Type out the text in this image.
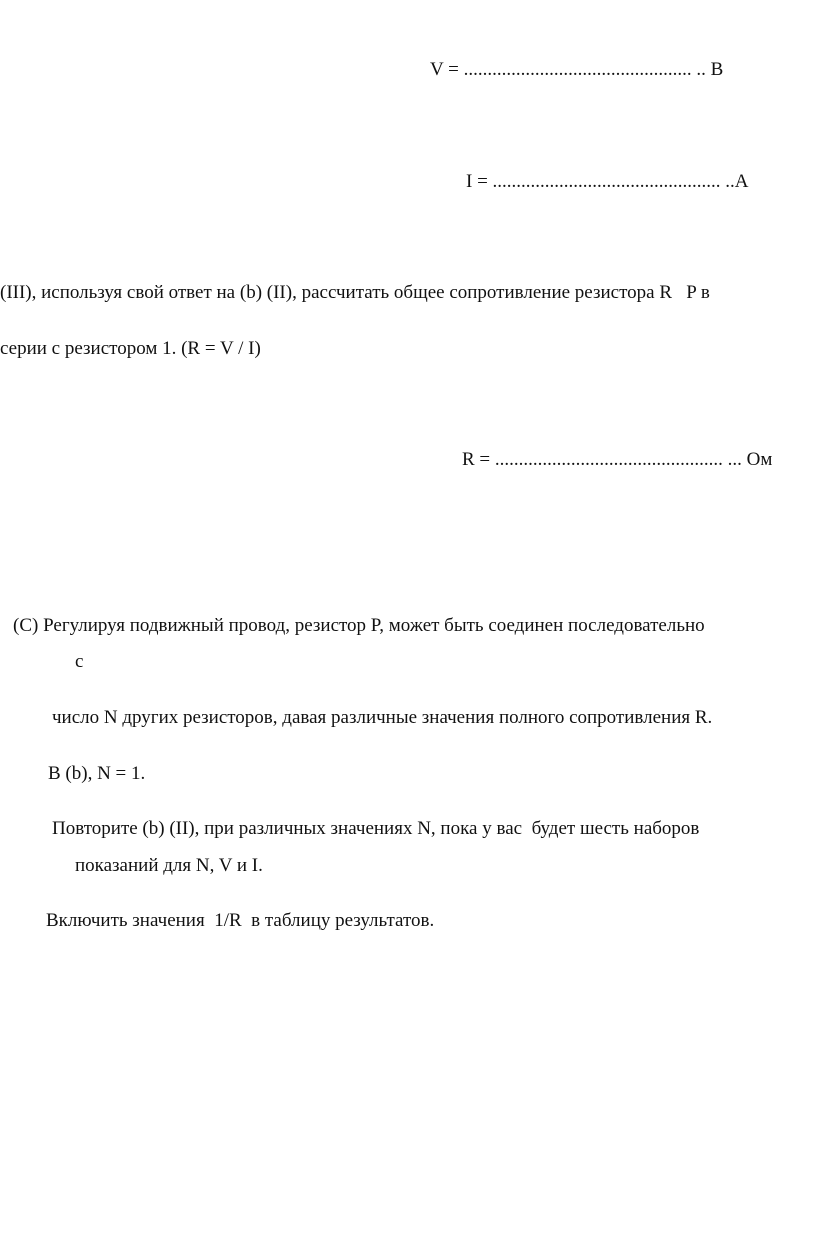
V = ................................................ .. В
I = ................................................ ..А
(III), используя свой ответ на (b) (II), рассчитать общее сопротивление резистора R   P в
серии с резистором 1. (R = V / I)
R = ................................................ ... Ом
(C) Регулируя подвижный провод, резистор P, может быть соединен последовательно
с
число N других резисторов, давая различные значения полного сопротивления R.
В (b), N = 1.
Повторите (b) (II), при различных значениях N, пока у вас  будет шесть наборов
показаний для N, V и I.
Включить значения  1/R  в таблицу результатов.
